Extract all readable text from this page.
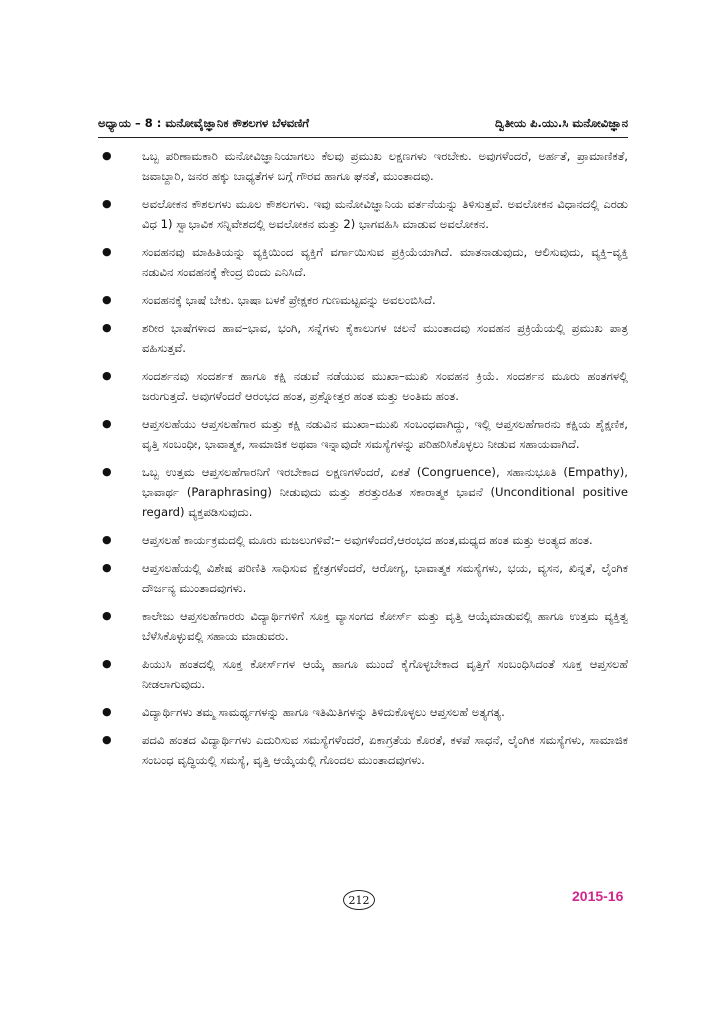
ಅಧ್ಯಾಯ – 8 : ಮನೋವೈಜ್ಞಾನಿಕ ಕೌಶಲಗಳ ಬೆಳವಣಿಗೆ	ದ್ವಿತೀಯ ಪಿ.ಯು.ಸಿ ಮನೋವಿಜ್ಞಾನ
●	ಒಬ್ಬ ಪರಿಣಾಮಕಾರಿ ಮನೋವಿಜ್ಞಾನಿಯಾಗಲು ಕೆಲವು ಪ್ರಮುಖ ಲಕ್ಷಣಗಳು ಇರಬೇಕು. ಅವುಗಳೆಂದರೆ, ಅರ್ಹತೆ, ಪ್ರಾಮಾಣಿಕತೆ, ಜವಾಬ್ದಾರಿ, ಜನರ ಹಕ್ಕು ಬಾಧ್ಯತೆಗಳ ಬಗ್ಗೆ ಗೌರವ ಹಾಗೂ ಘನತೆ, ಮುಂತಾದವು.
●	ಅವಲೋಕನ ಕೌಶಲಗಳು ಮೂಲ ಕೌಶಲಗಳು. ಇವು ಮನೋವಿಜ್ಞಾನಿಯ ವರ್ತನೆಯನ್ನು ತಿಳಿಸುತ್ತವೆ. ಅವಲೋಕನ ವಿಧಾನದಲ್ಲಿ ಎರಡು ವಿಧ 1) ಸ್ವಾಭಾವಿಕ ಸನ್ನಿವೇಶದಲ್ಲಿ ಅವಲೋಕನ ಮತ್ತು 2) ಭಾಗವಹಿಸಿ ಮಾಡುವ ಅವಲೋಕನ.
●	ಸಂವಹನವು ಮಾಹಿತಿಯನ್ನು ವ್ಯಕ್ತಿಯಿಂದ ವ್ಯಕ್ತಿಗೆ ವರ್ಗಾಯಿಸುವ ಪ್ರಕ್ರಿಯೆಯಾಗಿದೆ. ಮಾತನಾಡುವುದು, ಆಲಿಸುವುದು, ವ್ಯಕ್ತಿ–ವ್ಯಕ್ತಿ ನಡುವಿನ ಸಂವಹನಕ್ಕೆ ಕೇಂದ್ರ ಬಿಂದು ಎನಿಸಿದೆ.
●	ಸಂವಹನಕ್ಕೆ ಭಾಷೆ ಬೇಕು. ಭಾಷಾ ಬಳಕೆ ಪ್ರೇಕ್ಷಕರ ಗುಣಮಟ್ಟವನ್ನು ಅವಲಂಬಿಸಿದೆ.
●	ಶರೀರ ಭಾಷೆಗಳಾದ ಹಾವ–ಭಾವ, ಭಂಗಿ, ಸನ್ನೆಗಳು ಕೈಕಾಲುಗಳ ಚಲನೆ ಮುಂತಾದವು ಸಂವಹನ ಪ್ರಕ್ರಿಯೆಯಲ್ಲಿ ಪ್ರಮುಖ ಪಾತ್ರ ವಹಿಸುತ್ತವೆ.
●	ಸಂದರ್ಶನವು ಸಂದರ್ಶಕ ಹಾಗೂ ಕಕ್ಷಿ ನಡುವೆ ನಡೆಯುವ ಮುಖಾ–ಮುಖಿ ಸಂವಹನ ಕ್ರಿಯೆ. ಸಂದರ್ಶನ ಮೂರು ಹಂತಗಳಲ್ಲಿ ಜರುಗುತ್ತದೆ. ಅವುಗಳೆಂದರೆ ಆರಂಭದ ಹಂತ, ಪ್ರಶ್ನೋತ್ತರ ಹಂತ ಮತ್ತು ಅಂತಿಮ ಹಂತ.
●	ಆಪ್ತಸಲಹೆಯು ಆಪ್ತಸಲಹೆಗಾರ ಮತ್ತು ಕಕ್ಷಿ ನಡುವಿನ ಮುಖಾ–ಮುಖಿ ಸಂಬಂಧವಾಗಿದ್ದು, ಇಲ್ಲಿ ಆಪ್ತಸಲಹೆಗಾರನು ಕಕ್ಷಿಯ ಶೈಕ್ಷಣಿಕ, ವೃತ್ತಿ ಸಂಬಂಧೀ, ಭಾವಾತ್ಮಕ, ಸಾಮಾಜಿಕ ಅಥವಾ ಇನ್ನಾವುದೇ ಸಮಸ್ಯೆಗಳನ್ನು ಪರಿಹರಿಸಿಕೊಳ್ಳಲು ನೀಡುವ ಸಹಾಯವಾಗಿದೆ.
●	ಒಬ್ಬ ಉತ್ತಮ ಆಪ್ತಸಲಹೆಗಾರನಿಗೆ ಇರಬೇಕಾದ ಲಕ್ಷಣಗಳೆಂದರೆ, ಏಕತೆ (Congruence), ಸಹಾನುಭೂತಿ (Empathy), ಭಾವಾರ್ಥ (Paraphrasing) ನೀಡುವುದು ಮತ್ತು ಶರತ್ತುರಹಿತ ಸಕಾರಾತ್ಮಕ ಭಾವನೆ (Unconditional positive regard) ವ್ಯಕ್ತಪಡಿಸುವುದು.
●	ಆಪ್ತಸಲಹೆ ಕಾರ್ಯಕ್ರಮದಲ್ಲಿ ಮೂರು ಮಜಲುಗಳಿವೆ:– ಅವುಗಳೆಂದರೆ,ಆರಂಭದ ಹಂತ,ಮಧ್ಯದ ಹಂತ ಮತ್ತು ಅಂತ್ಯದ ಹಂತ.
●	ಆಪ್ತಸಲಹೆಯಲ್ಲಿ ವಿಶೇಷ ಪರಿಣಿತಿ ಸಾಧಿಸುವ ಕ್ಷೇತ್ರಗಳೆಂದರೆ, ಆರೋಗ್ಯ, ಭಾವಾತ್ಮಕ ಸಮಸ್ಯೆಗಳು, ಭಯ, ವ್ಯಸನ, ಖಿನ್ನತೆ, ಲೈಂಗಿಕ ದೌರ್ಜನ್ಯ ಮುಂತಾದವುಗಳು.
●	ಕಾಲೇಜು ಆಪ್ತಸಲಹೆಗಾರರು ವಿದ್ಯಾರ್ಥಿಗಳಿಗೆ ಸೂಕ್ತ ವ್ಯಾಸಂಗದ ಕೋರ್ಸ್ ಮತ್ತು ವೃತ್ತಿ ಆಯ್ಕೆಮಾಡುವಲ್ಲಿ ಹಾಗೂ ಉತ್ತಮ ವ್ಯಕ್ತಿತ್ವ ಬೆಳೆಸಿಕೊಳ್ಳುವಲ್ಲಿ ಸಹಾಯ ಮಾಡುವರು.
●	ಪಿಯುಸಿ ಹಂತದಲ್ಲಿ ಸೂಕ್ತ ಕೋರ್ಸ್‌ಗಳ ಆಯ್ಕೆ ಹಾಗೂ ಮುಂದೆ ಕೈಗೊಳ್ಳಬೇಕಾದ ವೃತ್ತಿಗೆ ಸಂಬಂಧಿಸಿದಂತೆ ಸೂಕ್ತ ಆಪ್ತಸಲಹೆ ನೀಡಲಾಗುವುದು.
●	ವಿದ್ಯಾರ್ಥಿಗಳು ತಮ್ಮ ಸಾಮರ್ಥ್ಯಗಳನ್ನು ಹಾಗೂ ಇತಿಮಿತಿಗಳನ್ನು ತಿಳಿದುಕೊಳ್ಳಲು ಆಪ್ತಸಲಹೆ ಅತ್ಯಗತ್ಯ.
●	ಪದವಿ ಹಂತದ ವಿದ್ಯಾರ್ಥಿಗಳು ಎದುರಿಸುವ ಸಮಸ್ಯೆಗಳೆಂದರೆ, ಏಕಾಗ್ರತೆಯ ಕೊರತೆ, ಕಳಪೆ ಸಾಧನೆ, ಲೈಂಗಿಕ ಸಮಸ್ಯೆಗಳು, ಸಾಮಾಜಿಕ ಸಂಬಂಧ ವೃದ್ಧಿಯಲ್ಲಿ ಸಮಸ್ಯೆ, ವೃತ್ತಿ ಆಯ್ಕೆಯಲ್ಲಿ ಗೊಂದಲ ಮುಂತಾದವುಗಳು.
212	2015-16
